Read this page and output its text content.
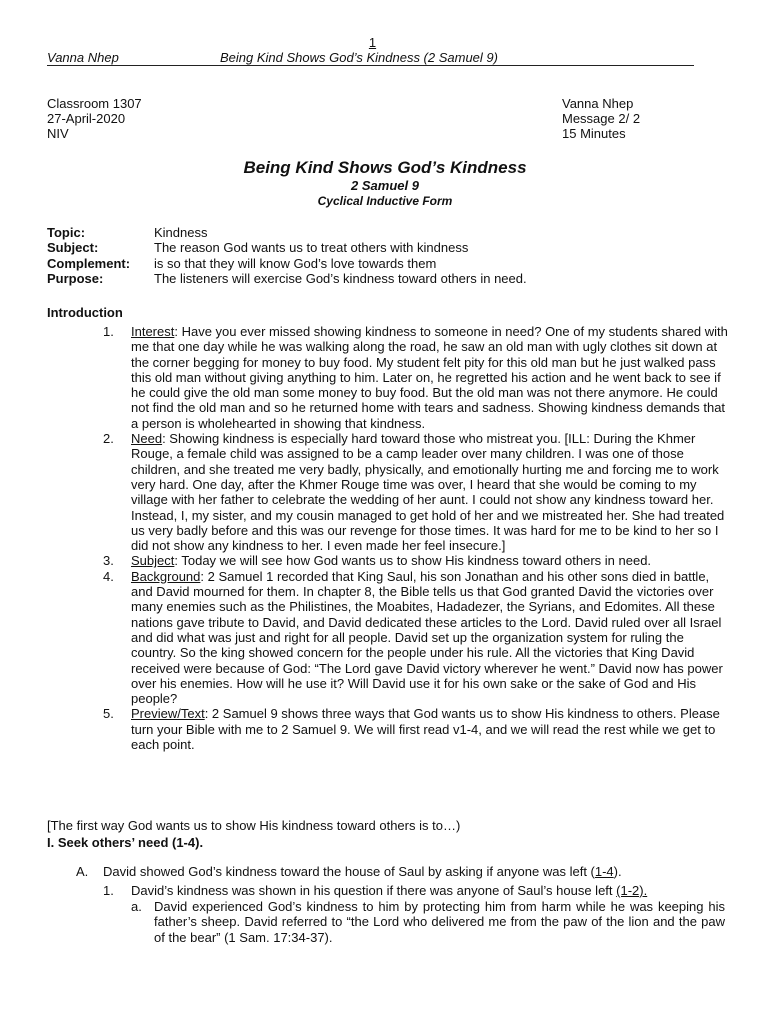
1
Vanna Nhep	Being Kind Shows God’s Kindness (2 Samuel 9)
Classroom 1307
27-April-2020
NIV
Vanna Nhep
Message 2/ 2
15 Minutes
Being Kind Shows God’s Kindness
2 Samuel 9
Cyclical Inductive Form
Topic:	Kindness
Subject:	The reason God wants us to treat others with kindness
Complement: is so that they will know God’s love towards them
Purpose:	The listeners will exercise God’s kindness toward others in need.
Introduction
1. Interest: Have you ever missed showing kindness to someone in need? One of my students shared with me that one day while he was walking along the road, he saw an old man with ugly clothes sit down at the corner begging for money to buy food. My student felt pity for this old man but he just walked pass this old man without giving anything to him. Later on, he regretted his action and he went back to see if he could give the old man some money to buy food. But the old man was not there anymore. He could not find the old man and so he returned home with tears and sadness. Showing kindness demands that a person is wholehearted in showing that kindness.
2. Need: Showing kindness is especially hard toward those who mistreat you. [ILL: During the Khmer Rouge, a female child was assigned to be a camp leader over many children. I was one of those children, and she treated me very badly, physically, and emotionally hurting me and forcing me to work very hard. One day, after the Khmer Rouge time was over, I heard that she would be coming to my village with her father to celebrate the wedding of her aunt. I could not show any kindness toward her. Instead, I, my sister, and my cousin managed to get hold of her and we mistreated her. She had treated us very badly before and this was our revenge for those times. It was hard for me to be kind to her so I did not show any kindness to her. I even made her feel insecure.]
3. Subject: Today we will see how God wants us to show His kindness toward others in need.
4. Background: 2 Samuel 1 recorded that King Saul, his son Jonathan and his other sons died in battle, and David mourned for them. In chapter 8, the Bible tells us that God granted David the victories over many enemies such as the Philistines, the Moabites, Hadadezer, the Syrians, and Edomites. All these nations gave tribute to David, and David dedicated these articles to the Lord. David ruled over all Israel and did what was just and right for all people. David set up the organization system for ruling the country. So the king showed concern for the people under his rule. All the victories that King David received were because of God: “The Lord gave David victory wherever he went.” David now has power over his enemies. How will he use it? Will David use it for his own sake or the sake of God and His people?
5. Preview/Text: 2 Samuel 9 shows three ways that God wants us to show His kindness to others. Please turn your Bible with me to 2 Samuel 9. We will first read v1-4, and we will read the rest while we get to each point.
[The first way God wants us to show His kindness toward others is to…)
I. Seek others’ need (1-4).
A. David showed God’s kindness toward the house of Saul by asking if anyone was left (1-4).
1. David’s kindness was shown in his question if there was anyone of Saul’s house left (1-2).
a. David experienced God’s kindness to him by protecting him from harm while he was keeping his father’s sheep. David referred to “the Lord who delivered me from the paw of the lion and the paw of the bear” (1 Sam. 17:34-37).
